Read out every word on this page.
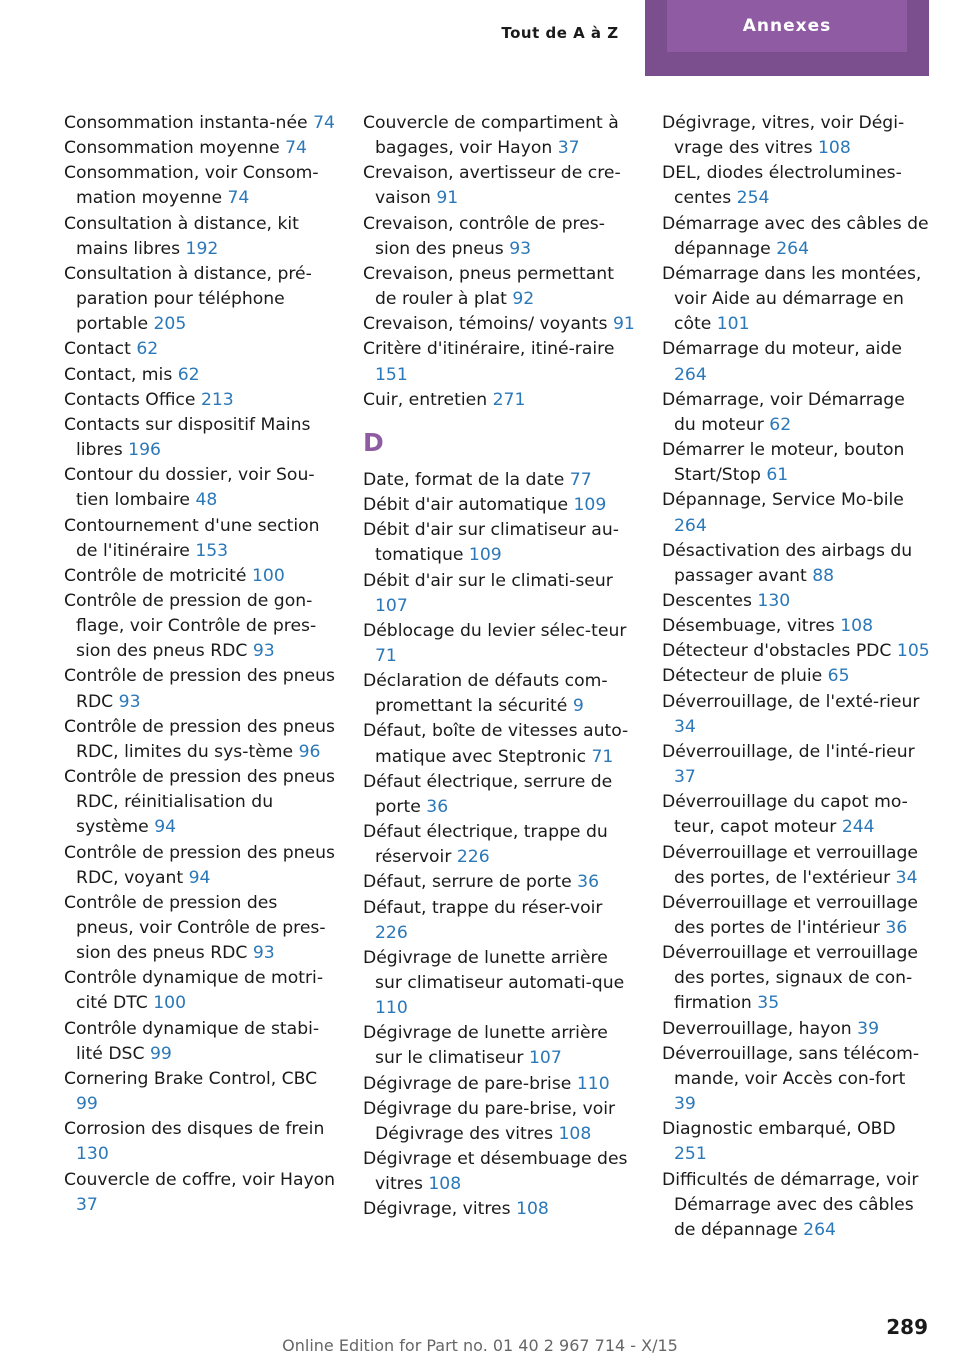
Tout de A à Z	Annexes
Consommation instanta-née 74
Consommation moyenne 74
Consommation, voir Consom-mation moyenne 74
Consultation à distance, kit mains libres 192
Consultation à distance, pré-paration pour téléphone portable 205
Contact 62
Contact, mis 62
Contacts Office 213
Contacts sur dispositif Mains libres 196
Contour du dossier, voir Sou-tien lombaire 48
Contournement d'une section de l'itinéraire 153
Contrôle de motricité 100
Contrôle de pression de gon-flage, voir Contrôle de pres-sion des pneus RDC 93
Contrôle de pression des pneus RDC 93
Contrôle de pression des pneus RDC, limites du sys-tème 96
Contrôle de pression des pneus RDC, réinitialisation du système 94
Contrôle de pression des pneus RDC, voyant 94
Contrôle de pression des pneus, voir Contrôle de pres-sion des pneus RDC 93
Contrôle dynamique de motri-cité DTC 100
Contrôle dynamique de stabi-lité DSC 99
Cornering Brake Control, CBC 99
Corrosion des disques de frein 130
Couvercle de coffre, voir Hayon 37
Couvercle de compartiment à bagages, voir Hayon 37
Crevaison, avertisseur de cre-vaison 91
Crevaison, contrôle de pres-sion des pneus 93
Crevaison, pneus permettant de rouler à plat 92
Crevaison, témoins/ voyants 91
Critère d'itinéraire, itiné-raire 151
Cuir, entretien 271
D
Date, format de la date 77
Débit d'air automatique 109
Débit d'air sur climatiseur au-tomatique 109
Débit d'air sur le climati-seur 107
Déblocage du levier sélec-teur 71
Déclaration de défauts com-promettant la sécurité 9
Défaut, boîte de vitesses auto-matique avec Steptronic 71
Défaut électrique, serrure de porte 36
Défaut électrique, trappe du réservoir 226
Défaut, serrure de porte 36
Défaut, trappe du réser-voir 226
Dégivrage de lunette arrière sur climatiseur automati-que 110
Dégivrage de lunette arrière sur le climatiseur 107
Dégivrage de pare-brise 110
Dégivrage du pare-brise, voir Dégivrage des vitres 108
Dégivrage et désembuage des vitres 108
Dégivrage, vitres 108
Dégivrage, vitres, voir Dégi-vrage des vitres 108
DEL, diodes électrolumines-centes 254
Démarrage avec des câbles de dépannage 264
Démarrage dans les montées, voir Aide au démarrage en côte 101
Démarrage du moteur, aide 264
Démarrage, voir Démarrage du moteur 62
Démarrer le moteur, bouton Start/Stop 61
Dépannage, Service Mo-bile 264
Désactivation des airbags du passager avant 88
Descentes 130
Désembuage, vitres 108
Détecteur d'obstacles PDC 105
Détecteur de pluie 65
Déverrouillage, de l'exté-rieur 34
Déverrouillage, de l'inté-rieur 37
Déverrouillage du capot mo-teur, capot moteur 244
Déverrouillage et verrouillage des portes, de l'extérieur 34
Déverrouillage et verrouillage des portes de l'intérieur 36
Déverrouillage et verrouillage des portes, signaux de con-firmation 35
Deverrouillage, hayon 39
Déverrouillage, sans télécom-mande, voir Accès con-fort 39
Diagnostic embarqué, OBD 251
Difficultés de démarrage, voir Démarrage avec des câbles de dépannage 264
289
Online Edition for Part no. 01 40 2 967 714 - X/15
